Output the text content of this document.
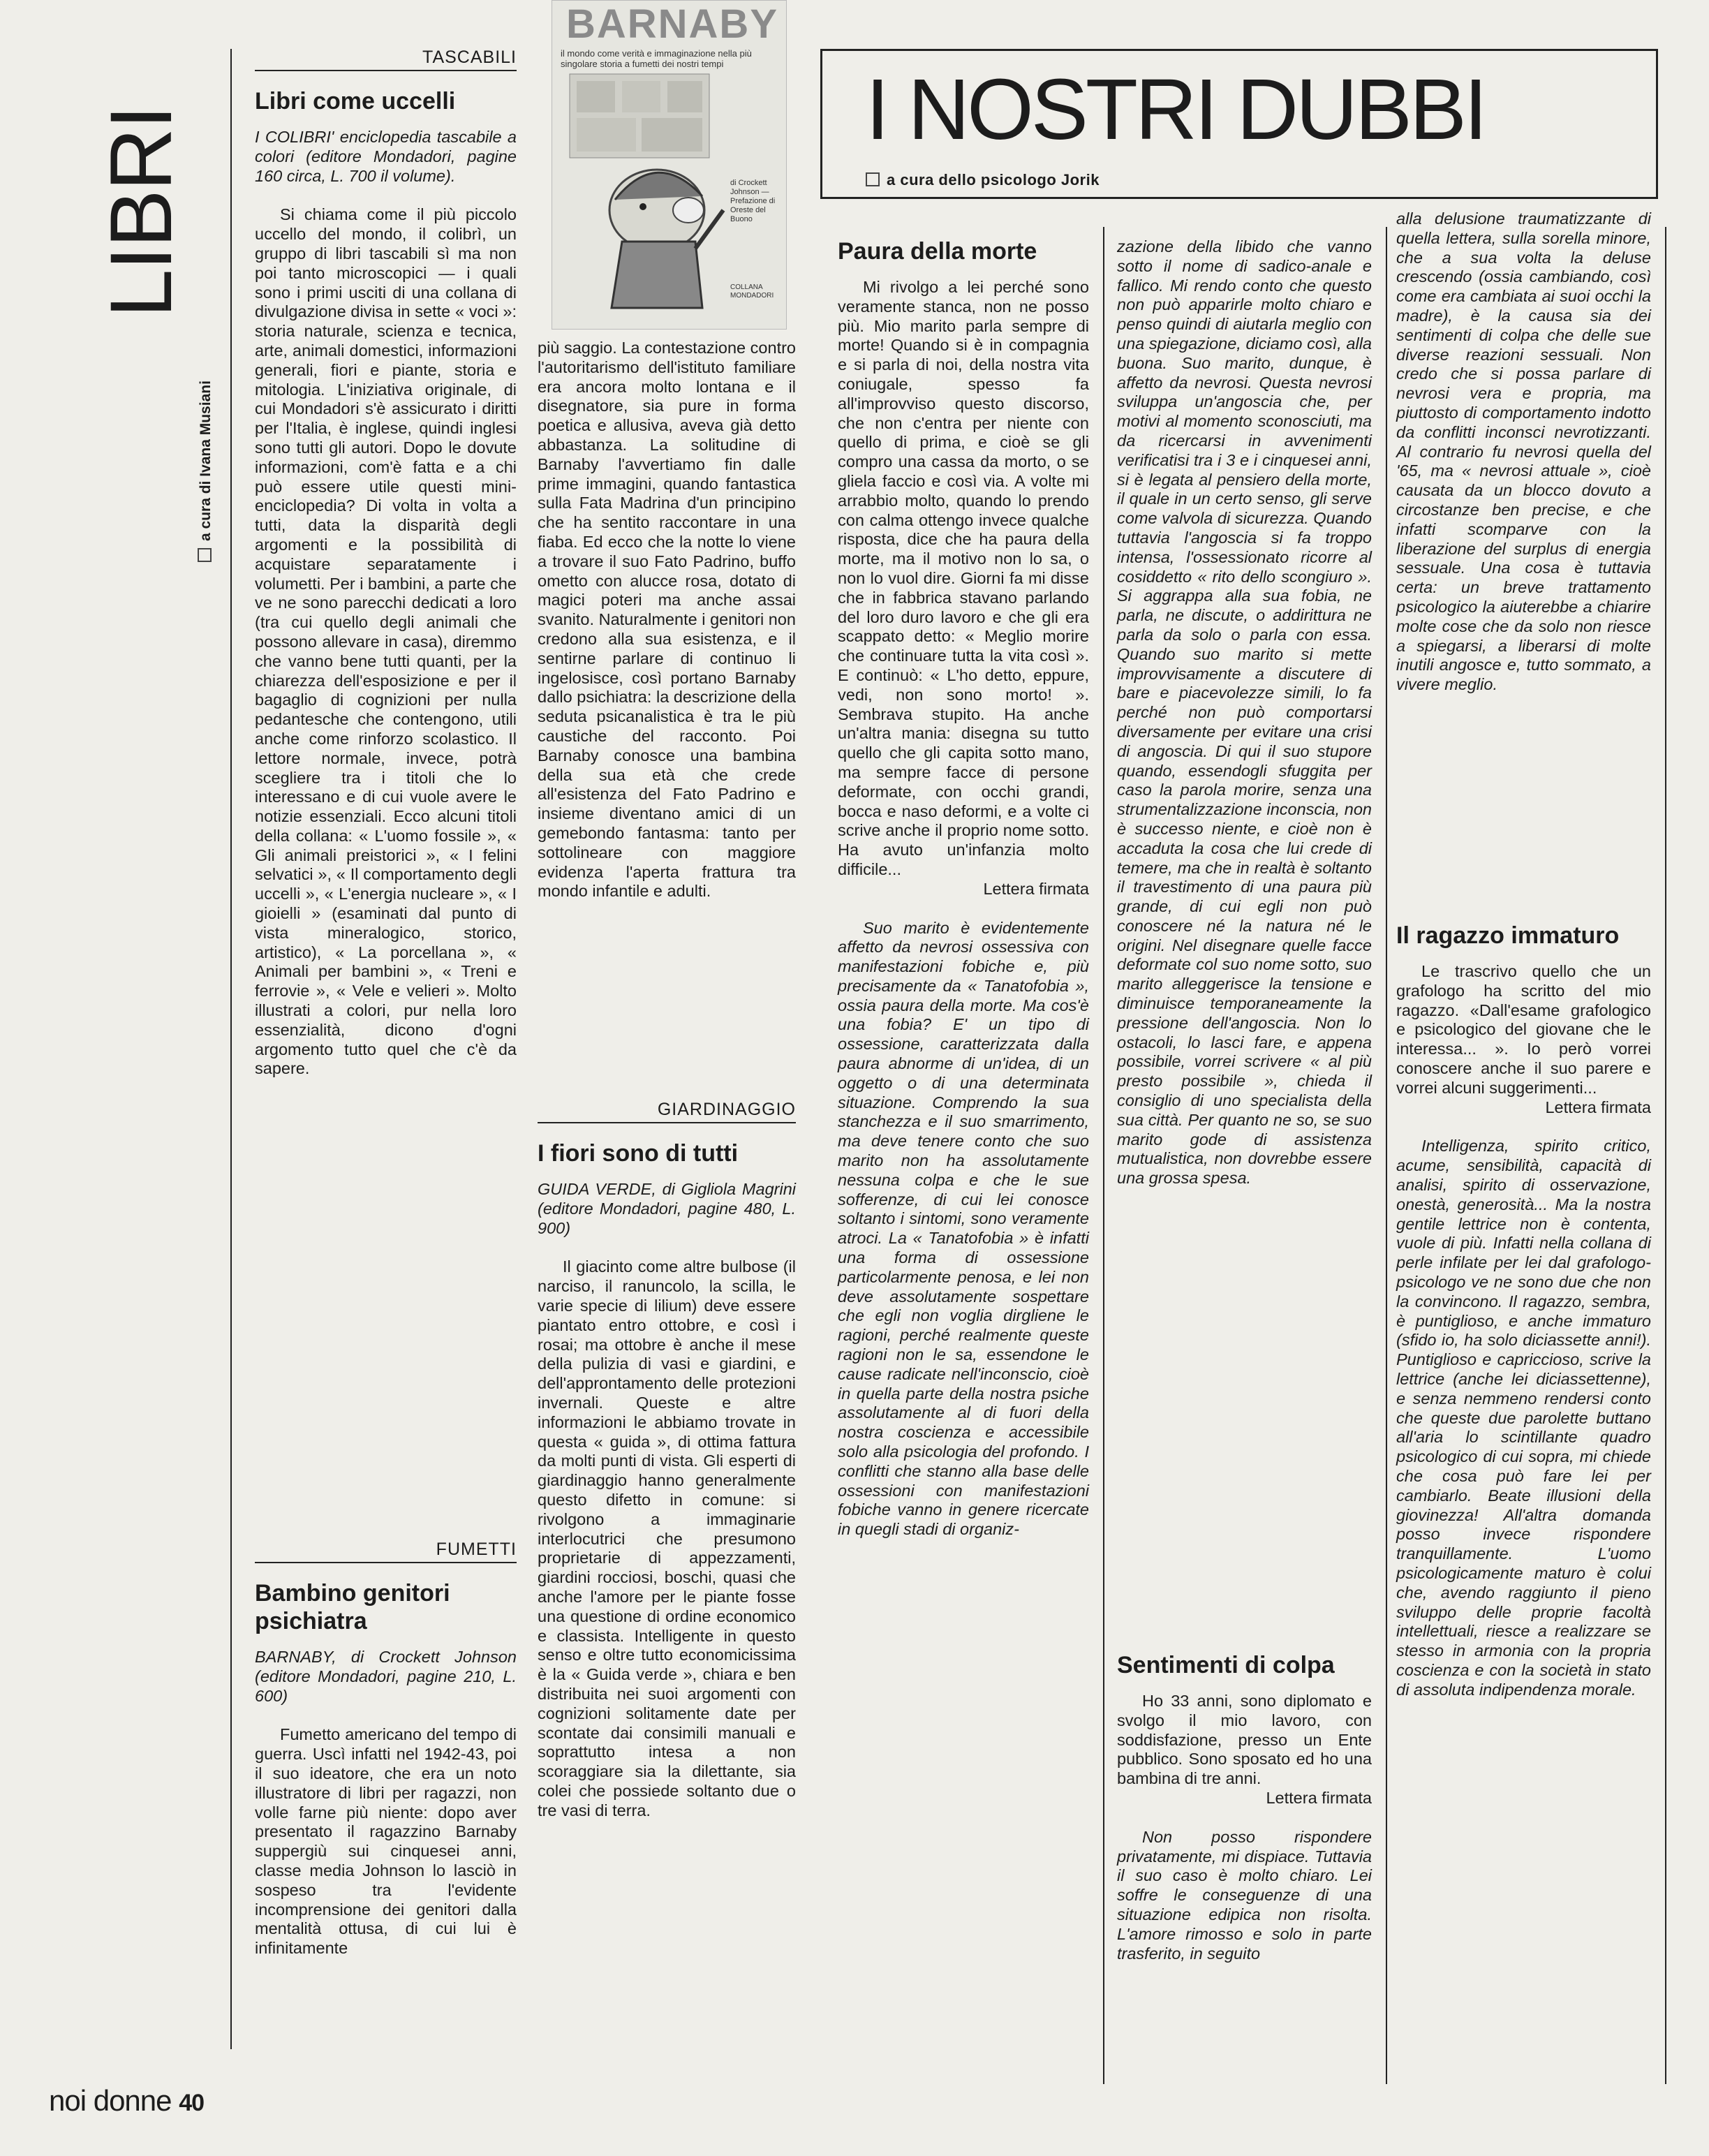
LIBRI
a cura di Ivana Musiani
TASCABILI
Libri come uccelli

I COLIBRI' enciclopedia tascabile a colori (editore Mondadori, pagine 160 circa, L. 700 il volume).

Si chiama come il più piccolo uccello del mondo, il colibrì, un gruppo di libri tascabili sì ma non poi tanto microscopici — i quali sono i primi usciti di una collana di divulgazione divisa in sette « voci »: storia naturale, scienza e tecnica, arte, animali domestici, informazioni generali, fiori e piante, storia e mitologia. L'iniziativa originale, di cui Mondadori s'è assicurato i diritti per l'Italia, è inglese, quindi inglesi sono tutti gli autori. Dopo le dovute informazioni, com'è fatta e a chi può essere utile questi mini-enciclopedia? Di volta in volta a tutti, data la disparità degli argomenti e la possibilità di acquistare separatamente i volumetti. Per i bambini, a parte che ve ne sono parecchi dedicati a loro (tra cui quello degli animali che possono allevare in casa), diremmo che vanno bene tutti quanti, per la chiarezza dell'esposizione e per il bagaglio di cognizioni per nulla pedantesche che contengono, utili anche come rinforzo scolastico. Il lettore normale, invece, potrà scegliere tra i titoli che lo interessano e di cui vuole avere le notizie essenziali. Ecco alcuni titoli della collana: « L'uomo fossile », « Gli animali preistorici », « I felini selvatici », « Il comportamento degli uccelli », « L'energia nucleare », « I gioielli » (esaminati dal punto di vista mineralogico, storico, artistico), « La porcellana », « Animali per bambini », « Treni e ferrovie », « Vele e velieri ». Molto illustrati a colori, pur nella loro essenzialità, dicono d'ogni argomento tutto quel che c'è da sapere.

FUMETTI
Bambino genitori psichiatra

BARNABY, di Crockett Johnson (editore Mondadori, pagine 210, L. 600)

Fumetto americano del tempo di guerra. Uscì infatti nel 1942-43, poi il suo ideatore, che era un noto illustratore di libri per ragazzi, non volle farne più niente: dopo aver presentato il ragazzino Barnaby suppergiù sui cinquesei anni, classe media Johnson lo lasciò in sospeso tra l'evidente incomprensione dei genitori dalla mentalità ottusa, di cui lui è infinitamente

BARNABY
il mondo come verità e immaginazione nella più singolare storia a fumetti dei nostri tempi
di Crockett Johnson — Prefazione di Oreste del Buono
COLLANA MONDADORI

più saggio. La contestazione contro l'autoritarismo dell'istituto familiare era ancora molto lontana e il disegnatore, sia pure in forma poetica e allusiva, aveva già detto abbastanza. La solitudine di Barnaby l'avvertiamo fin dalle prime immagini, quando fantastica sulla Fata Madrina d'un principino che ha sentito raccontare in una fiaba. Ed ecco che la notte lo viene a trovare il suo Fato Padrino, buffo ometto con alucce rosa, dotato di magici poteri ma anche assai svanito. Naturalmente i genitori non credono alla sua esistenza, e il sentirne parlare di continuo li ingelosisce, così portano Barnaby dallo psichiatra: la descrizione della seduta psicanalistica è tra le più caustiche del racconto. Poi Barnaby conosce una bambina della sua età che crede all'esistenza del Fato Padrino e insieme diventano amici di un gemebondo fantasma: tanto per sottolineare con maggiore evidenza l'aperta frattura tra mondo infantile e adulti.

GIARDINAGGIO
I fiori sono di tutti

GUIDA VERDE, di Gigliola Magrini (editore Mondadori, pagine 480, L. 900)

Il giacinto come altre bulbose (il narciso, il ranuncolo, la scilla, le varie specie di lilium) deve essere piantato entro ottobre, e così i rosai; ma ottobre è anche il mese della pulizia di vasi e giardini, e dell'approntamento delle protezioni invernali. Queste e altre informazioni le abbiamo trovate in questa « guida », di ottima fattura da molti punti di vista. Gli esperti di giardinaggio hanno generalmente questo difetto in comune: si rivolgono a immaginarie interlocutrici che presumono proprietarie di appezzamenti, giardini rocciosi, boschi, quasi che anche l'amore per le piante fosse una questione di ordine economico e classista. Intelligente in questo senso e oltre tutto economicissima è la « Guida verde », chiara e ben distribuita nei suoi argomenti con cognizioni solitamente date per scontate dai consimili manuali e soprattutto intesa a non scoraggiare sia la dilettante, sia colei che possiede soltanto due o tre vasi di terra.

I NOSTRI DUBBI
a cura dello psicologo Jorik
Paura della morte

Mi rivolgo a lei perché sono veramente stanca, non ne posso più. Mio marito parla sempre di morte! Quando si è in compagnia e si parla di noi, della nostra vita coniugale, spesso fa all'improvviso questo discorso, che non c'entra per niente con quello di prima, e cioè se gli compro una cassa da morto, o se gliela faccio e così via. A volte mi arrabbio molto, quando lo prendo con calma ottengo invece qualche risposta, dice che ha paura della morte, ma il motivo non lo sa, o non lo vuol dire. Giorni fa mi disse che in fabbrica stavano parlando del loro duro lavoro e che gli era scappato detto: « Meglio morire che continuare tutta la vita così ». E continuò: « L'ho detto, eppure, vedi, non sono morto! ». Sembrava stupito. Ha anche un'altra mania: disegna su tutto quello che gli capita sotto mano, ma sempre facce di persone deformate, con occhi grandi, bocca e naso deformi, e a volte ci scrive anche il proprio nome sotto. Ha avuto un'infanzia molto difficile...

Lettera firmata

Suo marito è evidentemente affetto da nevrosi ossessiva con manifestazioni fobiche e, più precisamente da « Tanatofobia », ossia paura della morte. Ma cos'è una fobia? E' un tipo di ossessione, caratterizzata dalla paura abnorme di un'idea, di un oggetto o di una determinata situazione. Comprendo la sua stanchezza e il suo smarrimento, ma deve tenere conto che suo marito non ha assolutamente nessuna colpa e che le sue sofferenze, di cui lei conosce soltanto i sintomi, sono veramente atroci. La « Tanatofobia » è infatti una forma di ossessione particolarmente penosa, e lei non deve assolutamente sospettare che egli non voglia dirgliene le ragioni, perché realmente queste ragioni non le sa, essendone le cause radicate nell'inconscio, cioè in quella parte della nostra psiche assolutamente al di fuori della nostra coscienza e accessibile solo alla psicologia del profondo. I conflitti che stanno alla base delle ossessioni con manifestazioni fobiche vanno in genere ricercate in quegli stadi di organiz-

zazione della libido che vanno sotto il nome di sadico-anale e fallico. Mi rendo conto che questo non può apparirle molto chiaro e penso quindi di aiutarla meglio con una spiegazione, diciamo così, alla buona. Suo marito, dunque, è affetto da nevrosi. Questa nevrosi sviluppa un'angoscia che, per motivi al momento sconosciuti, ma da ricercarsi in avvenimenti verificatisi tra i 3 e i cinquesei anni, si è legata al pensiero della morte, il quale in un certo senso, gli serve come valvola di sicurezza. Quando tuttavia l'angoscia si fa troppo intensa, l'ossessionato ricorre al cosiddetto « rito dello scongiuro ». Si aggrappa alla sua fobia, ne parla, ne discute, o addirittura ne parla da solo o parla con essa. Quando suo marito si mette improvvisamente a discutere di bare e piacevolezze simili, lo fa perché non può comportarsi diversamente per evitare una crisi di angoscia. Di qui il suo stupore quando, essendogli sfuggita per caso la parola morire, senza una strumentalizzazione inconscia, non è successo niente, e cioè non è accaduta la cosa che lui crede di temere, ma che in realtà è soltanto il travestimento di una paura più grande, di cui egli non può conoscere né la natura né le origini. Nel disegnare quelle facce deformate col suo nome sotto, suo marito alleggerisce la tensione e diminuisce temporaneamente la pressione dell'angoscia. Non lo ostacoli, lo lasci fare, e appena possibile, vorrei scrivere « al più presto possibile », chieda il consiglio di uno specialista della sua città. Per quanto ne so, se suo marito gode di assistenza mutualistica, non dovrebbe essere una grossa spesa.

Sentimenti di colpa

Ho 33 anni, sono diplomato e svolgo il mio lavoro, con soddisfazione, presso un Ente pubblico. Sono sposato ed ho una bambina di tre anni.

Lettera firmata

Non posso rispondere privatamente, mi dispiace. Tuttavia il suo caso è molto chiaro. Lei soffre le conseguenze di una situazione edipica non risolta. L'amore rimosso e solo in parte trasferito, in seguito

alla delusione traumatizzante di quella lettera, sulla sorella minore, che a sua volta la deluse crescendo (ossia cambiando, così come era cambiata ai suoi occhi la madre), è la causa sia dei sentimenti di colpa che delle sue diverse reazioni sessuali. Non credo che si possa parlare di nevrosi vera e propria, ma piuttosto di comportamento indotto da conflitti inconsci nevrotizzanti. Al contrario fu nevrosi quella del '65, ma « nevrosi attuale », cioè causata da un blocco dovuto a circostanze ben precise, e che infatti scomparve con la liberazione del surplus di energia sessuale. Una cosa è tuttavia certa: un breve trattamento psicologico la aiuterebbe a chiarire molte cose che da solo non riesce a spiegarsi, a liberarsi di molte inutili angosce e, tutto sommato, a vivere meglio.

Il ragazzo immaturo

Le trascrivo quello che un grafologo ha scritto del mio ragazzo. «Dall'esame grafologico e psicologico del giovane che le interessa... ». Io però vorrei conoscere anche il suo parere e vorrei alcuni suggerimenti...

Lettera firmata

Intelligenza, spirito critico, acume, sensibilità, capacità di analisi, spirito di osservazione, onestà, generosità... Ma la nostra gentile lettrice non è contenta, vuole di più. Infatti nella collana di perle infilate per lei dal grafologo-psicologo ve ne sono due che non la convincono. Il ragazzo, sembra, è puntiglioso, e anche immaturo (sfido io, ha solo diciassette anni!). Puntiglioso e capriccioso, scrive la lettrice (anche lei diciassettenne), e senza nemmeno rendersi conto che queste due parolette buttano all'aria lo scintillante quadro psicologico di cui sopra, mi chiede che cosa può fare lei per cambiarlo. Beate illusioni della giovinezza! All'altra domanda posso invece rispondere tranquillamente. L'uomo psicologicamente maturo è colui che, avendo raggiunto il pieno sviluppo delle proprie facoltà intellettuali, riesce a realizzare se stesso in armonia con la propria coscienza e con la società in stato di assoluta indipendenza morale.

noi donne 40
